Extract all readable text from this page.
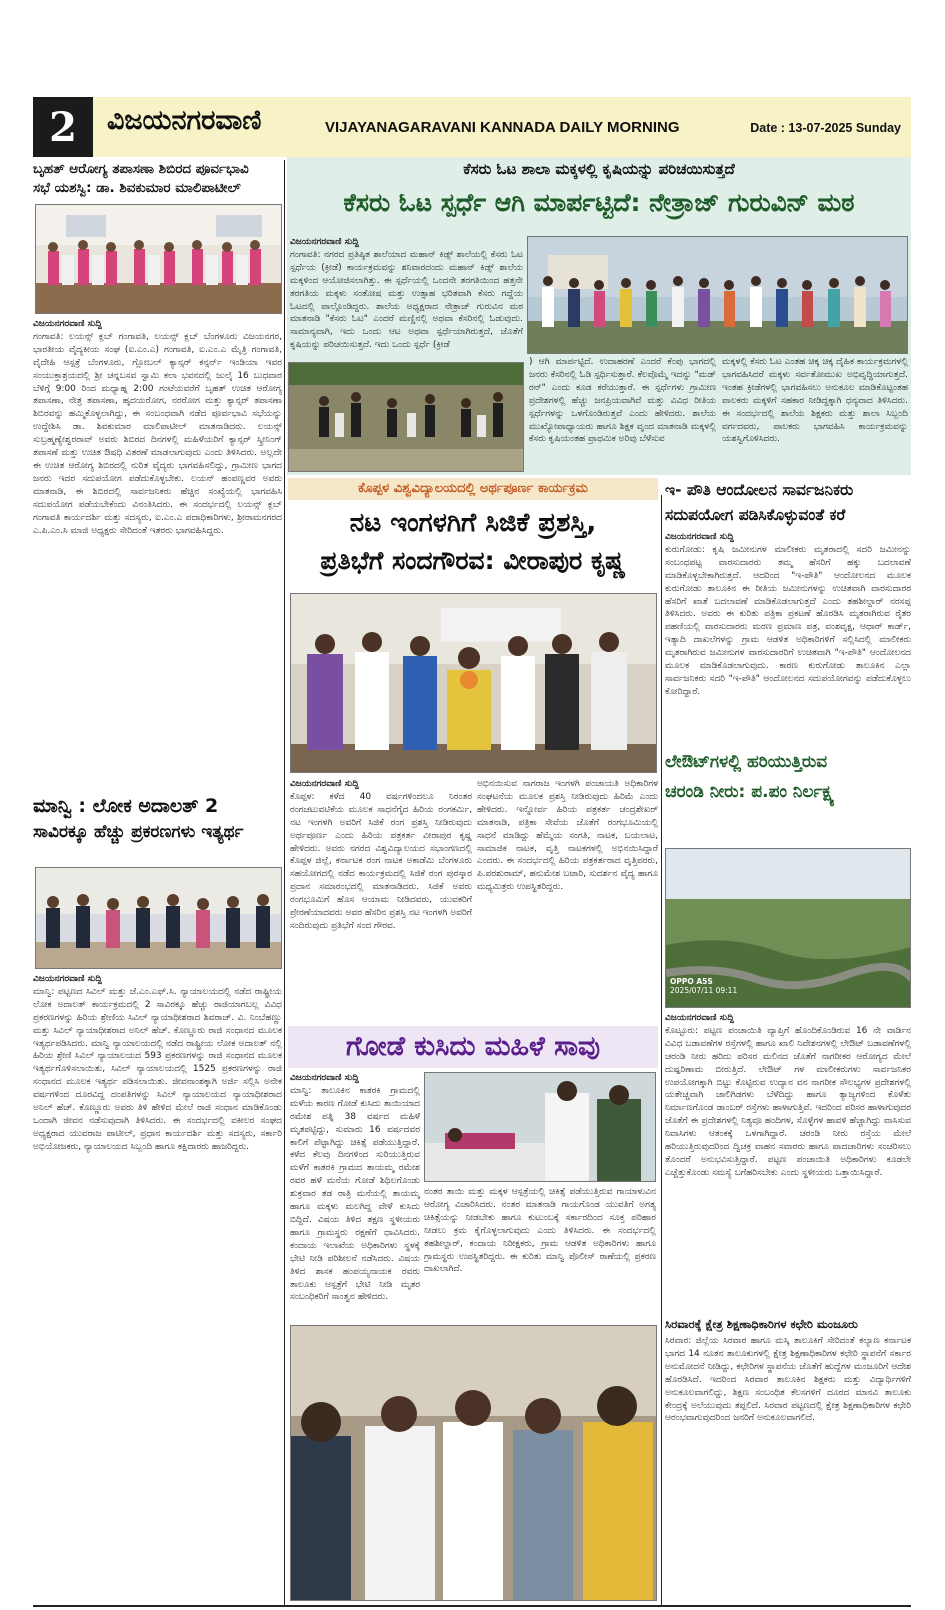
2	ವಿಜಯನಗರವಾಣಿ	VIJAYANAGARAVANI KANNADA DAILY MORNING	Date : 13-07-2025 Sunday
ಬೃಹತ್ ಆರೋಗ್ಯ ತಪಾಸಣಾ ಶಿಬಿರದ ಪೂರ್ವಭಾವಿ
ಸಭೆ ಯಶಸ್ವಿ: ಡಾ. ಶಿವಕುಮಾರ ಮಾಲಿಪಾಟೀಲ್
ವಿಜಯನಗರವಾಣಿ ಸುದ್ದಿ
ಗಂಗಾವತಿ: ಲಯನ್ಸ್ ಕ್ಲಬ್ ಗಂಗಾವತಿ, ಲಯನ್ಸ್ ಕ್ಲಬ್ ಬೆಂಗಳೂರು ವಿಜಯನಗರ, ಭಾರತೀಯ ವೈದ್ಯಕೀಯ ಸಂಘ (ಐ.ಎಂ.ಎ) ಗಂಗಾವತಿ, ಐ.ಎಂ.ಎ ಮೈತ್ರಿ ಗಂಗಾವತಿ, ವೈದೇಹಿ ಆಸ್ಪತ್ರೆ ಬೆಂಗಳೂರು, ಗ್ಲೋಬಲ್ ಕ್ಯಾನ್ಸರ್ ಕನ್ಸರ್ನ್ ಇಂಡಿಯಾ ಇವರ ಸಂಯುಕ್ತಾಶ್ರಯದಲ್ಲಿ ಶ್ರೀ ಚನ್ನಬಸವ ಸ್ವಾಮಿ ಕಲಾ ಭವನದಲ್ಲಿ ಜುಲೈ 16 ಬುಧವಾರ ಬೆಳಿಗ್ಗೆ 9:00 ರಿಂದ ಮಧ್ಯಾಹ್ನ 2:00 ಗಂಟೆಯವರೆಗೆ ಬೃಹತ್ ಉಚಿತ ಆರೋಗ್ಯ ತಪಾಸಣಾ, ನೇತ್ರ ತಪಾಸಣಾ, ಹೃದಯರೋಗ, ನರರೋಗ ಮತ್ತು ಕ್ಯಾನ್ಸರ್ ತಪಾಸಣಾ ಶಿಬಿರವನ್ನು ಹಮ್ಮಿಕೊಳ್ಳಲಾಗಿದ್ದು, ಈ ಸಂಬಂಧವಾಗಿ ನಡೆದ ಪೂರ್ವಭಾವಿ ಸಭೆಯನ್ನು ಉದ್ದೇಶಿಸಿ ಡಾ. ಶಿವಕುಮಾರ ಮಾಲಿಪಾಟೀಲ್ ಮಾತನಾಡಿದರು. ಲಯನ್ಸ್ ಸುಬ್ರಹ್ಮಣ್ಯೇಶ್ವರರಾವ್ ಅವರು ಶಿಬಿರದ ದಿನಗಳಲ್ಲಿ ಮಹಿಳೆಯರಿಗೆ ಕ್ಯಾನ್ಸರ್ ಸ್ಕ್ರೀನಿಂಗ್ ತಪಾಸಣೆ ಮತ್ತು ಉಚಿತ ಔಷಧಿ ವಿತರಣೆ ಮಾಡಲಾಗುವುದು ಎಂದು ತಿಳಿಸಿದರು. ಅಲ್ಲದೇ ಈ ಉಚಿತ ಆರೋಗ್ಯ ಶಿಬಿರದಲ್ಲಿ ನುರಿತ ವೈದ್ಯರು ಭಾಗವಹಿಸಲಿದ್ದು, ಗ್ರಾಮೀಣ ಭಾಗದ ಜನರು ಇದರ ಸದುಪಯೋಗ ಪಡೆದುಕೊಳ್ಳಬೇಕು. ಲಯನ್ ಹಂಪಣ್ಣವರ ಅವರು ಮಾತನಾಡಿ, ಈ ಶಿಬಿರದಲ್ಲಿ ಸಾರ್ವಜನಿಕರು ಹೆಚ್ಚಿನ ಸಂಖ್ಯೆಯಲ್ಲಿ ಭಾಗವಹಿಸಿ ಸದುಪಯೋಗ ಪಡೆಯಬೇಕೆಂದು ವಿನಂತಿಸಿದರು. ಈ ಸಂದರ್ಭದಲ್ಲಿ ಲಯನ್ಸ್ ಕ್ಲಬ್ ಗಂಗಾವತಿ ಕಾರ್ಯದರ್ಶಿ ಮತ್ತು ಸದಸ್ಯರು, ಐ.ಎಂ.ಎ ಪದಾಧಿಕಾರಿಗಳು, ಶ್ರೀರಾಮನಗರದ ಎ.ಪಿ.ಎಂ.ಸಿ ಮಾಜಿ ಅಧ್ಯಕ್ಷರು ಸೇರಿದಂತೆ ಇತರರು ಭಾಗವಹಿಸಿದ್ದರು.
ಮಾನ್ವಿ : ಲೋಕ ಅದಾಲತ್ 2
ಸಾವಿರಕ್ಕೂ ಹೆಚ್ಚು ಪ್ರಕರಣಗಳು ಇತ್ಯರ್ಥ
ವಿಜಯನಗರವಾಣಿ ಸುದ್ದಿ
ಮಾನ್ವಿ: ಪಟ್ಟಣದ ಸಿವಿಲ್ ಮತ್ತು ಜೆ.ಎಂ.ಎಫ್.ಸಿ. ನ್ಯಾಯಾಲಯದಲ್ಲಿ ನಡೆದ ರಾಷ್ಟ್ರೀಯ ಲೋಕ ಅದಾಲತ್ ಕಾರ್ಯಕ್ರಮದಲ್ಲಿ 2 ಸಾವಿರಕ್ಕೂ ಹೆಚ್ಚು ರಾಜಿಯಾಗಬಲ್ಲ ವಿವಿಧ ಪ್ರಕರಣಗಳನ್ನು ಹಿರಿಯ ಶ್ರೇಣಿಯ ಸಿವಿಲ್ ನ್ಯಾಯಾಧೀಶರಾದ ಶಿವರಾಜ್. ವಿ. ನಿಂಬೆಹಣ್ಣು ಮತ್ತು ಸಿವಿಲ್ ನ್ಯಾಯಾಧೀಶರಾದ ಅನಿಲ್ ಹೆಚ್. ಕೊಣ್ಣೂರು ರಾಜಿ ಸಂಧಾನದ ಮೂಲಕ ಇತ್ಯರ್ಥಪಡಿಸಿದರು. ಮಾನ್ವಿ ನ್ಯಾಯಾಲಯದಲ್ಲಿ ನಡೆದ ರಾಷ್ಟ್ರೀಯ ಲೋಕ ಅದಾಲತ್ ನಲ್ಲಿ ಹಿರಿಯ ಶ್ರೇಣಿ ಸಿವಿಲ್ ನ್ಯಾಯಾಲಯದ 593 ಪ್ರಕರಣಗಳನ್ನು ರಾಜಿ ಸಂಧಾನದ ಮೂಲಕ ಇತ್ಯರ್ಥಗೊಳಿಸಲಾಯಿತು, ಸಿವಿಲ್ ನ್ಯಾಯಾಲಯದಲ್ಲಿ 1525 ಪ್ರಕರಣಗಳನ್ನು ರಾಜಿ ಸಂಧಾನದ ಮೂಲಕ ಇತ್ಯರ್ಥ ಪಡಿಸಲಾಯಿತು. ಜೀವನಾಂಶಕ್ಕಾಗಿ ಅರ್ಜಿ ಸಲ್ಲಿಸಿ ಅನೇಕ ವರ್ಷಗಳಿಂದ ದೂರವಿದ್ದ ದಂಪತಿಗಳನ್ನು ಸಿವಿಲ್ ನ್ಯಾಯಾಲಯದ ನ್ಯಾಯಾಧೀಶರಾದ ಅನಿಲ್ ಹೆಚ್. ಕೊಣ್ಣೂರು ಅವರು ತಿಳಿ ಹೇಳಿದ ಮೇಲೆ ರಾಜಿ ಸಂಧಾನ ಮಾಡಿಕೊಂಡು ಒಂದಾಗಿ ಜೀವನ ನಡೆಸುವುದಾಗಿ ತಿಳಿಸಿದರು. ಈ ಸಂದರ್ಭದಲ್ಲಿ ವಕೀಲರ ಸಂಘದ ಅಧ್ಯಕ್ಷರಾದ ಯುವರಾಜ ಪಾಟೀಲ್, ಪ್ರಧಾನ ಕಾರ್ಯದರ್ಶಿ ಮತ್ತು ಸದಸ್ಯರು, ಸರ್ಕಾರಿ ಅಭಿಯೋಜಕರು, ನ್ಯಾಯಾಲಯದ ಸಿಬ್ಬಂದಿ ಹಾಗೂ ಕಕ್ಷಿದಾರರು ಹಾಜರಿದ್ದರು.
ಕೆಸರು ಓಟ ಶಾಲಾ ಮಕ್ಕಳಲ್ಲಿ ಕೃಷಿಯನ್ನು ಪರಿಚಯಿಸುತ್ತದೆ
ಕೆಸರು ಓಟ ಸ್ಪರ್ಧೆ ಆಗಿ ಮಾರ್ಪಟ್ಟಿದೆ: ನೇತ್ರಾಜ್ ಗುರುವಿನ್ ಮಠ
ವಿಜಯನಗರವಾಣಿ ಸುದ್ದಿ
ಗಂಗಾವತಿ: ನಗರದ ಪ್ರತಿಷ್ಠಿತ ಶಾಲೆಯಾದ ಮಹಾನ್ ಕಿಡ್ಸ್ ಶಾಲೆಯಲ್ಲಿ ಕೆಸರು ಓಟ ಸ್ಪರ್ಧೆಯ (ಕ್ರೀಡೆ) ಕಾರ್ಯಕ್ರಮವನ್ನು ಶನಿವಾರದಂದು ಮಹಾನ್ ಕಿಡ್ಸ್ ಶಾಲೆಯ ಮಕ್ಕಳಿಂದ ಆಯೋಜಿಸಲಾಗಿತ್ತು. ಈ ಸ್ಪರ್ಧೆಯಲ್ಲಿ ಒಂದನೇ ತರಗತಿಯಿಂದ ಹತ್ತನೇ ತರಗತಿಯ ಮಕ್ಕಳು ಸಂತೋಷ ಮತ್ತು ಉತ್ಸಾಹ ಭರಿತವಾಗಿ ಕೆಸರು ಗದ್ದೆಯ ಓಟದಲ್ಲಿ ಪಾಲ್ಗೊಂಡಿದ್ದರು. ಶಾಲೆಯ ಅಧ್ಯಕ್ಷರಾದ ನೇತ್ರಾಜ್ ಗುರುವಿನ ಮಠ ಮಾತನಾಡಿ "ಕೆಸರು ಓಟ" ಎಂದರೆ ಮಣ್ಣಿನಲ್ಲಿ ಅಥವಾ ಕೆಸರಿನಲ್ಲಿ ಓಡುವುದು. ಸಾಮಾನ್ಯವಾಗಿ, ಇದು ಒಂದು ಆಟ ಅಥವಾ ಸ್ಪರ್ಧೆಯಾಗಿರುತ್ತದೆ, ಜೊತೆಗೆ ಕೃಷಿಯನ್ನು ಪರಿಚಯಿಸುತ್ತದೆ. ಇದು ಒಂದು ಸ್ಪರ್ಧೆ (ಕ್ರೀಡೆ
) ಆಗಿ ಮಾರ್ಪಟ್ಟಿದೆ. ಉದಾಹರಣೆ ಎಂದರೆ ಕೆಂಪು ಭಾಗದಲ್ಲಿ ಜನರು ಕೆಸರಿನಲ್ಲಿ ಓಡಿ ಸ್ಪರ್ಧಿಸುತ್ತಾರೆ. ಕೆಲವೊಮ್ಮೆ ಇದನ್ನು "ಮಡ್ ರನ್" ಎಂದು ಕೂಡ ಕರೆಯುತ್ತಾರೆ. ಈ ಸ್ಪರ್ಧೆಗಳು ಗ್ರಾಮೀಣ ಪ್ರದೇಶಗಳಲ್ಲಿ ಹೆಚ್ಚು ಜನಪ್ರಿಯವಾಗಿವೆ ಮತ್ತು ವಿವಿಧ ರೀತಿಯ ಸ್ಪರ್ಧೆಗಳನ್ನು ಒಳಗೊಂಡಿರುತ್ತವೆ ಎಂದು ಹೇಳಿದರು. ಶಾಲೆಯ ಮುಖ್ಯೋಪಾಧ್ಯಾಯರು ಹಾಗೂ ಶಿಕ್ಷಕ ವೃಂದ ಮಾತನಾಡಿ ಮಕ್ಕಳಲ್ಲಿ ಕೆಸರು ಕೃಷಿಯಂತಹ ಪ್ರಾಥಮಿಕ ಅರಿವು ಬೆಳೆಸುವ
ಮಕ್ಕಳಲ್ಲಿ ಕೆಸರು ಓಟ ಎಂತಹ ಚಿಕ್ಕ ಚಿಕ್ಕ ದೈಹಿಕ ಕಾರ್ಯಕ್ರಮಗಳಲ್ಲಿ ಭಾಗವಹಿಸಿದರೆ ಮಕ್ಕಳು ಸರ್ವತೋಮುಖ ಅಭಿವೃದ್ಧಿಯಾಗುತ್ತದೆ. ಇಂತಹ ಕ್ರೀಡೆಗಳಲ್ಲಿ ಭಾಗವಹಿಸಲು ಅನುಕೂಲ ಮಾಡಿಕೊಟ್ಟಂತಹ ಪಾಲಕರು ಮಕ್ಕಳಿಗೆ ಸಹಕಾರ ನೀಡಿದ್ದಕ್ಕಾಗಿ ಧನ್ಯವಾದ ತಿಳಿಸಿದರು. ಈ ಸಂದರ್ಭದಲ್ಲಿ ಶಾಲೆಯ ಶಿಕ್ಷಕರು ಮತ್ತು ಶಾಲಾ ಸಿಬ್ಬಂದಿ ವರ್ಗದವರು, ಪಾಲಕರು ಭಾಗವಹಿಸಿ ಕಾರ್ಯಕ್ರಮವನ್ನು ಯಶಸ್ವಿಗೊಳಿಸಿದರು.
ಕೊಪ್ಪಳ ವಿಶ್ವವಿದ್ಯಾಲಯದಲ್ಲಿ ಅರ್ಥಪೂರ್ಣ ಕಾರ್ಯಕ್ರಮ
ನಟ ಇಂಗಳಗಿಗೆ ಸಿಜಿಕೆ ಪ್ರಶಸ್ತಿ,
ಪ್ರತಿಭೆಗೆ ಸಂದಗೌರವ: ವೀರಾಪುರ ಕೃಷ್ಣ
ವಿಜಯನಗರವಾಣಿ ಸುದ್ದಿ
ಕೊಪ್ಪಳ: ಕಳೆದ 40 ವರ್ಷಗಳಿಂದಲೂ ನಿರಂತರ ರಂಗಚಟುವಟಿಕೆಯ ಮೂಲಕ ಸಾಧನೆಗೈದ ಹಿರಿಯ ರಂಗಕರ್ಮಿ, ನಟ ಇಂಗಳಗಿ ಅವರಿಗೆ ಸಿಜಿಕೆ ರಂಗ ಪ್ರಶಸ್ತಿ ನೀಡಿರುವುದು ಅರ್ಥಪೂರ್ಣ ಎಂದು ಹಿರಿಯ ಪತ್ರಕರ್ತ ವೀರಾಪುರ ಕೃಷ್ಣ ಹೇಳಿದರು. ಅವರು ನಗರದ ವಿಶ್ವವಿದ್ಯಾಲಯದ ಸಭಾಂಗಣದಲ್ಲಿ ಕೊಪ್ಪಳ ಜಿಲ್ಲೆ, ಕರ್ನಾಟಕ ರಂಗ ನಾಟಕ ಅಕಾಡೆಮಿ ಬೆಂಗಳೂರು ಸಹಯೋಗದಲ್ಲಿ ನಡೆದ ಕಾರ್ಯಕ್ರಮದಲ್ಲಿ ಸಿಜಿಕೆ ರಂಗ ಪುರಸ್ಕಾರ ಪ್ರದಾನ ಸಮಾರಂಭದಲ್ಲಿ ಮಾತನಾಡಿದರು. ಸಿಜಿಕೆ ಅವರು ರಂಗಭೂಮಿಗೆ ಹೊಸ ಆಯಾಮ ನೀಡಿದವರು, ಯುವಕರಿಗೆ ಪ್ರೇರಣೆಯಾದವರು ಅವರ ಹೆಸರಿನ ಪ್ರಶಸ್ತಿ ನಟ ಇಂಗಳಗಿ ಅವರಿಗೆ ಸಂದಿರುವುದು ಪ್ರತಿಭೆಗೆ ಸಂದ ಗೌರವ.
ಅಭಿನಯಿಸುವ ನಾಗರಾಜ ಇಂಗಳಗಿ ಪಂಚಾಯತಿ ಅಧಿಕಾರಿಗಳ ಸಂಘಟನೆಯ ಮೂಲಕ ಪ್ರಶಸ್ತಿ ನೀಡಿರುವುದು ಹಿರಿಮೆ ಎಂದು ಹೇಳಿದರು. ಇನ್ನೋರ್ವ ಹಿರಿಯ ಪತ್ರಕರ್ತ ಚಂದ್ರಶೇಖರ್ ಮಾತನಾಡಿ, ಪತ್ರಿಕಾ ಸೇವೆಯ ಜೊತೆಗೆ ರಂಗಭೂಮಿಯಲ್ಲಿ ಸಾಧನೆ ಮಾಡಿದ್ದು ಹೆಮ್ಮೆಯ ಸಂಗತಿ, ನಾಟಕ, ಬಯಲಾಟ, ಸಾಮಾಜಿಕ ನಾಟಕ, ವೃತ್ತಿ ನಾಟಕಗಳಲ್ಲಿ ಅಭಿನಯಿಸಿದ್ದಾರೆ ಎಂದರು. ಈ ಸಂದರ್ಭದಲ್ಲಿ ಹಿರಿಯ ಪತ್ರಕರ್ತರಾದ ವೃತ್ತಿಪರರು, ಪಿ.ಪರಶುರಾಮ್, ಹನುಮೇಶ ಬಟಾರಿ, ಸುದರ್ಶನ ವೈದ್ಯ ಹಾಗೂ ಮಧ್ಯಮಿತ್ರರು ಉಪಸ್ಥಿತರಿದ್ದರು.
ಗೋಡೆ ಕುಸಿದು ಮಹಿಳೆ ಸಾವು
ವಿಜಯನಗರವಾಣಿ ಸುದ್ದಿ
ಮಾನ್ವಿ: ತಾಲೂಕಿನ ಕಾತರಕಿ ಗ್ರಾಮದಲ್ಲಿ ಮಳೆಯ ಕಾರಣ ಗೋಡೆ ಕುಸಿದು ತಾಯಿಯಾದ ರಮೇಶ ಪತ್ನಿ 38 ವರ್ಷದ ಮಹಿಳೆ ಮೃತಪಟ್ಟಿದ್ದು, ಸುಮಾರು 16 ವರ್ಷದವರ ಕಾಲಿಗೆ ಪೆಟ್ಟಾಗಿದ್ದು ಚಿಕಿತ್ಸೆ ಪಡೆಯುತ್ತಿದ್ದಾರೆ. ಕಳೆದ ಕೆಲವು ದಿನಗಳಿಂದ ಸುರಿಯುತ್ತಿರುವ ಮಳೆಗೆ ಕಾತರಕಿ ಗ್ರಾಮದ ತಾಯಮ್ಮ ರಮೇಶ ರವರ ಹಳೆ ಮನೆಯ ಗೋಡೆ ಶಿಥಿಲಗೊಂಡು ಶುಕ್ರವಾರ ತಡ ರಾತ್ರಿ ಮನೆಯಲ್ಲಿ ತಾಯಮ್ಮ ಹಾಗೂ ಮಕ್ಕಳು ಮಲಗಿದ್ದ ವೇಳೆ ಕುಸಿದು ಬಿದ್ದಿದೆ. ವಿಷಯ ತಿಳಿದ ತಕ್ಷಣ ಸ್ಥಳೀಯರು ಹಾಗೂ ಗ್ರಾಮಸ್ಥರು ರಕ್ಷಣೆಗೆ ಧಾವಿಸಿದರು. ಕಂದಾಯ ಇಲಾಖೆಯ ಅಧಿಕಾರಿಗಳು ಸ್ಥಳಕ್ಕೆ ಭೇಟಿ ನೀಡಿ ಪರಿಶೀಲನೆ ನಡೆಸಿದರು. ವಿಷಯ ತಿಳಿದ ಶಾಸಕ ಹಂಪಯ್ಯನಾಯಕ ರವರು ತಾಲೂಕು ಆಸ್ಪತ್ರೆಗೆ ಭೇಟಿ ನೀಡಿ ಮೃತರ ಸಂಬಂಧಿಕರಿಗೆ ಸಾಂತ್ವನ ಹೇಳಿದರು.
ನಂತರ ತಾಯಿ ಮತ್ತು ಮಕ್ಕಳ ಆಸ್ಪತ್ರೆಯಲ್ಲಿ ಚಿಕಿತ್ಸೆ ಪಡೆಯುತ್ತಿರುವ ಗಾಯಾಳುವಿನ ಆರೋಗ್ಯ ವಿಚಾರಿಸಿದರು. ನಂತರ ಮಾತನಾಡಿ ಗಾಯಗೊಂಡ ಯುವತಿಗೆ ಅಗತ್ಯ ಚಿಕಿತ್ಸೆಯನ್ನು ನೀಡಬೇಕು ಹಾಗೂ ಕುಟುಂಬಕ್ಕೆ ಸರ್ಕಾರದಿಂದ ಸೂಕ್ತ ಪರಿಹಾರ ನೀಡಲು ಕ್ರಮ ಕೈಗೊಳ್ಳಲಾಗುವುದು ಎಂದು ತಿಳಿಸಿದರು. ಈ ಸಂದರ್ಭದಲ್ಲಿ ತಹಶೀಲ್ದಾರ್, ಕಂದಾಯ ನಿರೀಕ್ಷಕರು, ಗ್ರಾಮ ಆಡಳಿತ ಅಧಿಕಾರಿಗಳು ಹಾಗೂ ಗ್ರಾಮಸ್ಥರು ಉಪಸ್ಥಿತರಿದ್ದರು. ಈ ಕುರಿತು ಮಾನ್ವಿ ಪೊಲೀಸ್ ಠಾಣೆಯಲ್ಲಿ ಪ್ರಕರಣ ದಾಖಲಾಗಿದೆ.
ಇ- ಪೌತಿ ಆಂದೋಲನ ಸಾರ್ವಜನಿಕರು
ಸದುಪಯೋಗ ಪಡಿಸಿಕೊಳ್ಳುವಂತೆ ಕರೆ
ವಿಜಯನಗರವಾಣಿ ಸುದ್ದಿ
ಕುರುಗೋಡು: ಕೃಷಿ ಜಮೀನುಗಳ ಮಾಲೀಕರು ಮೃತರಾದಲ್ಲಿ ಸದರಿ ಜಮೀನನ್ನು ಸಂಬಂಧಪಟ್ಟ ವಾರಸುದಾರರು ತಮ್ಮ ಹೆಸರಿಗೆ ಹಕ್ಕು ಬದಲಾವಣೆ ಮಾಡಿಕೊಳ್ಳಬೇಕಾಗಿರುತ್ತದೆ. ಆದರಿಂದ "ಇ-ಪೌತಿ" ಆಂದೋಲನದ ಮೂಲಕ ಕುರುಗೋಡು ತಾಲೂಕಿನ ಈ ರೀತಿಯ ಜಮೀನುಗಳನ್ನು ಉಚಿತವಾಗಿ ವಾರಸುದಾರರ ಹೆಸರಿಗೆ ಖಾತೆ ಬದಲಾವಣೆ ಮಾಡಿಕೊಡಲಾಗುತ್ತದೆ ಎಂದು ತಹಶೀಲ್ದಾರ್ ನರಸಪ್ಪ ತಿಳಿಸಿದರು. ಅವರು ಈ ಕುರಿತು ಪತ್ರಿಕಾ ಪ್ರಕಟಣೆ ಹೊರಡಿಸಿ ಮೃತರಾಗಿರುವ ರೈತರ ಪಹಣಿಯಲ್ಲಿ ವಾರಸುದಾರರು ಮರಣ ಪ್ರಮಾಣ ಪತ್ರ, ವಂಶವೃಕ್ಷ, ಆಧಾರ್ ಕಾರ್ಡ್, ಇತ್ಯಾದಿ ದಾಖಲೆಗಳನ್ನು ಗ್ರಾಮ ಆಡಳಿತ ಅಧಿಕಾರಿಗಳಿಗೆ ಸಲ್ಲಿಸಿದಲ್ಲಿ ಮಾಲೀಕರು ಮೃತರಾಗಿರುವ ಜಮೀನುಗಳ ವಾರಸುದಾರರಿಗೆ ಉಚಿತವಾಗಿ "ಇ-ಪೌತಿ" ಆಂದೋಲನದ ಮೂಲಕ ಮಾಡಿಕೊಡಲಾಗುವುದು. ಕಾರಣ ಕುರುಗೋಡು ತಾಲೂಕಿನ ಎಲ್ಲಾ ಸಾರ್ವಜನಿಕರು ಸದರಿ "ಇ-ಪೌತಿ" ಆಂದೋಲನದ ಸದುಪಯೋಗವನ್ನು ಪಡೆದುಕೊಳ್ಳಲು ಕೋರಿದ್ದಾರೆ.
ಲೇಔಟ್‌ಗಳಲ್ಲಿ ಹರಿಯುತ್ತಿರುವ
ಚರಂಡಿ ನೀರು: ಪ.ಪಂ ನಿರ್ಲಕ್ಷ್ಯ
OPPO A5S
2025/07/11 09:11
ವಿಜಯನಗರವಾಣಿ ಸುದ್ದಿ
ಕೊಟ್ಟೂರು: ಪಟ್ಟಣ ಪಂಚಾಯಿತಿ ವ್ಯಾಪ್ತಿಗೆ ಹೊಂದಿಕೊಂಡಿರುವ 16 ನೇ ವಾರ್ಡಿನ ವಿವಿಧ ಬಡಾವಣೆಗಳ ರಸ್ತೆಗಳಲ್ಲಿ ಹಾಗೂ ಖಾಲಿ ನಿವೇಶನಗಳಲ್ಲಿ ಲೇಔಟ್ ಬಡಾವಣೆಗಳಲ್ಲಿ ಚರಂಡಿ ನೀರು ಹರಿದು ಪರಿಸರ ಮಲಿನದ ಜೊತೆಗೆ ನಾಗರೀಕರ ಆರೋಗ್ಯದ ಮೇಲೆ ದುಷ್ಪರಿಣಾಮ ಬೀರುತ್ತಿದೆ. ಲೇಔಟ್ ಗಳ ಮಾಲೀಕರುಗಳು ಸಾರ್ವಜನಿಕರ ಉಪಯೋಗಕ್ಕಾಗಿ ಬಿಟ್ಟು ಕೊಟ್ಟಿರುವ ಉದ್ಯಾನ ವನ ನಾಗರೀಕ ಸೌಲಭ್ಯಗಳ ಪ್ರದೇಶಗಳಲ್ಲಿ ಯತೇಚ್ಚವಾಗಿ ಜಾಲಿಗಿಡಗಳು ಬೆಳೆದಿದ್ದು ಹಾಗೂ ತ್ಯಾಜ್ಯಗಳಿಂದ ಕೊಳೆತು ನಿರ್ಮಾಣಗೊಂಡ ಡಾಂಬರ್ ರಸ್ತೆಗಳು ಹಾಳಾಗುತ್ತಿವೆ. ಇದರಿಂದ ಪರಿಸರ ಹಾಳಾಗುವುದರ ಜೊತೆಗೆ ಈ ಪ್ರದೇಶಗಳಲ್ಲಿ ನಿತ್ಯವೂ ಹಂದಿಗಳ, ಸೊಳ್ಳೆಗಳ ಹಾವಳಿ ಹೆಚ್ಚಾಗಿದ್ದು ವಾಸಿಸುವ ನಿವಾಸಿಗಳು ಆತಂಕಕ್ಕೆ ಒಳಗಾಗಿದ್ದಾರೆ. ಚರಂಡಿ ನೀರು ರಸ್ತೆಯ ಮೇಲೆ ಹರಿಯುತ್ತಿರುವುದರಿಂದ ದ್ವಿಚಕ್ರ ವಾಹನ ಸವಾರರು ಹಾಗೂ ಪಾದಚಾರಿಗಳು ಸಂಚರಿಸಲು ತೊಂದರೆ ಅನುಭವಿಸುತ್ತಿದ್ದಾರೆ. ಪಟ್ಟಣ ಪಂಚಾಯಿತಿ ಅಧಿಕಾರಿಗಳು ಕೂಡಲೇ ಎಚ್ಚೆತ್ತುಕೊಂಡು ಸಮಸ್ಯೆ ಬಗೆಹರಿಸಬೇಕು ಎಂದು ಸ್ಥಳೀಯರು ಒತ್ತಾಯಿಸಿದ್ದಾರೆ.
ಸಿರವಾರಕ್ಕೆ ಕ್ಷೇತ್ರ ಶಿಕ್ಷಣಾಧಿಕಾರಿಗಳ ಕಛೇರಿ ಮಂಜೂರು
ಸಿರವಾರ: ಜಿಲ್ಲೆಯ ಸಿರವಾರ ಹಾಗೂ ಮಸ್ಕಿ ತಾಲೂಕಿಗೆ ಸೇರಿದಂತೆ ಕಲ್ಯಾಣ ಕರ್ನಾಟಕ ಭಾಗದ 14 ನೂತನ ತಾಲೂಕುಗಳಲ್ಲಿ ಕ್ಷೇತ್ರ ಶಿಕ್ಷಣಾಧಿಕಾರಿಗಳ ಕಛೇರಿ ಸ್ಥಾಪನೆಗೆ ಸರ್ಕಾರ ಅನುಮೋದನೆ ನೀಡಿದ್ದು, ಕಛೇರಿಗಳ ಸ್ಥಾಪನೆಯ ಜೊತೆಗೆ ಹುದ್ದೆಗಳ ಮಂಜೂರಿಗೆ ಆದೇಶ ಹೊರಡಿಸಿದೆ. ಇದರಿಂದ ಸಿರವಾರ ತಾಲೂಕಿನ ಶಿಕ್ಷಕರು ಮತ್ತು ವಿದ್ಯಾರ್ಥಿಗಳಿಗೆ ಅನುಕೂಲವಾಗಲಿದ್ದು, ಶಿಕ್ಷಣ ಸಂಬಂಧಿತ ಕೆಲಸಗಳಿಗೆ ದೂರದ ಮಾನವಿ ತಾಲೂಕು ಕೇಂದ್ರಕ್ಕೆ ಅಲೆಯುವುದು ತಪ್ಪಲಿದೆ. ಸಿರವಾರ ಪಟ್ಟಣದಲ್ಲಿ ಕ್ಷೇತ್ರ ಶಿಕ್ಷಣಾಧಿಕಾರಿಗಳ ಕಛೇರಿ ಆರಂಭವಾಗುವುದರಿಂದ ಜನರಿಗೆ ಅನುಕೂಲವಾಗಲಿದೆ.
